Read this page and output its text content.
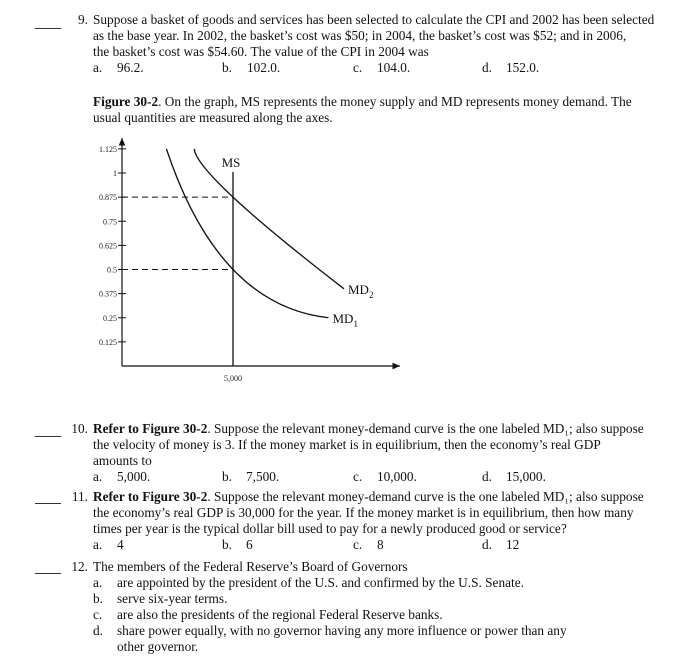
9. Suppose a basket of goods and services has been selected to calculate the CPI and 2002 has been selected
as the base year. In 2002, the basket’s cost was $50; in 2004, the basket’s cost was $52; and in 2006,
the basket’s cost was $54.60. The value of the CPI in 2004 was
a. 96.2.	b. 102.0.	c. 104.0.	d. 152.0.
Figure 30-2. On the graph, MS represents the money supply and MD represents money demand. The
usual quantities are measured along the axes.
1.125
1
0.875
0.75
0.625
0.5
0.375
0.25
0.125
5,000
MS
MD 2
MD 1
10. Refer to Figure 30-2. Suppose the relevant money-demand curve is the one labeled MD₁; also suppose
the velocity of money is 3. If the money market is in equilibrium, then the economy’s real GDP
amounts to
a. 5,000.	b. 7,500.	c. 10,000.	d. 15,000.
11. Refer to Figure 30-2. Suppose the relevant money-demand curve is the one labeled MD₁; also suppose
the economy’s real GDP is 30,000 for the year. If the money market is in equilibrium, then how many
times per year is the typical dollar bill used to pay for a newly produced good or service?
a. 4	b. 6	c. 8	d. 12
12. The members of the Federal Reserve’s Board of Governors
a. are appointed by the president of the U.S. and confirmed by the U.S. Senate.
b. serve six-year terms.
c. are also the presidents of the regional Federal Reserve banks.
d. share power equally, with no governor having any more influence or power than any
other governor.
